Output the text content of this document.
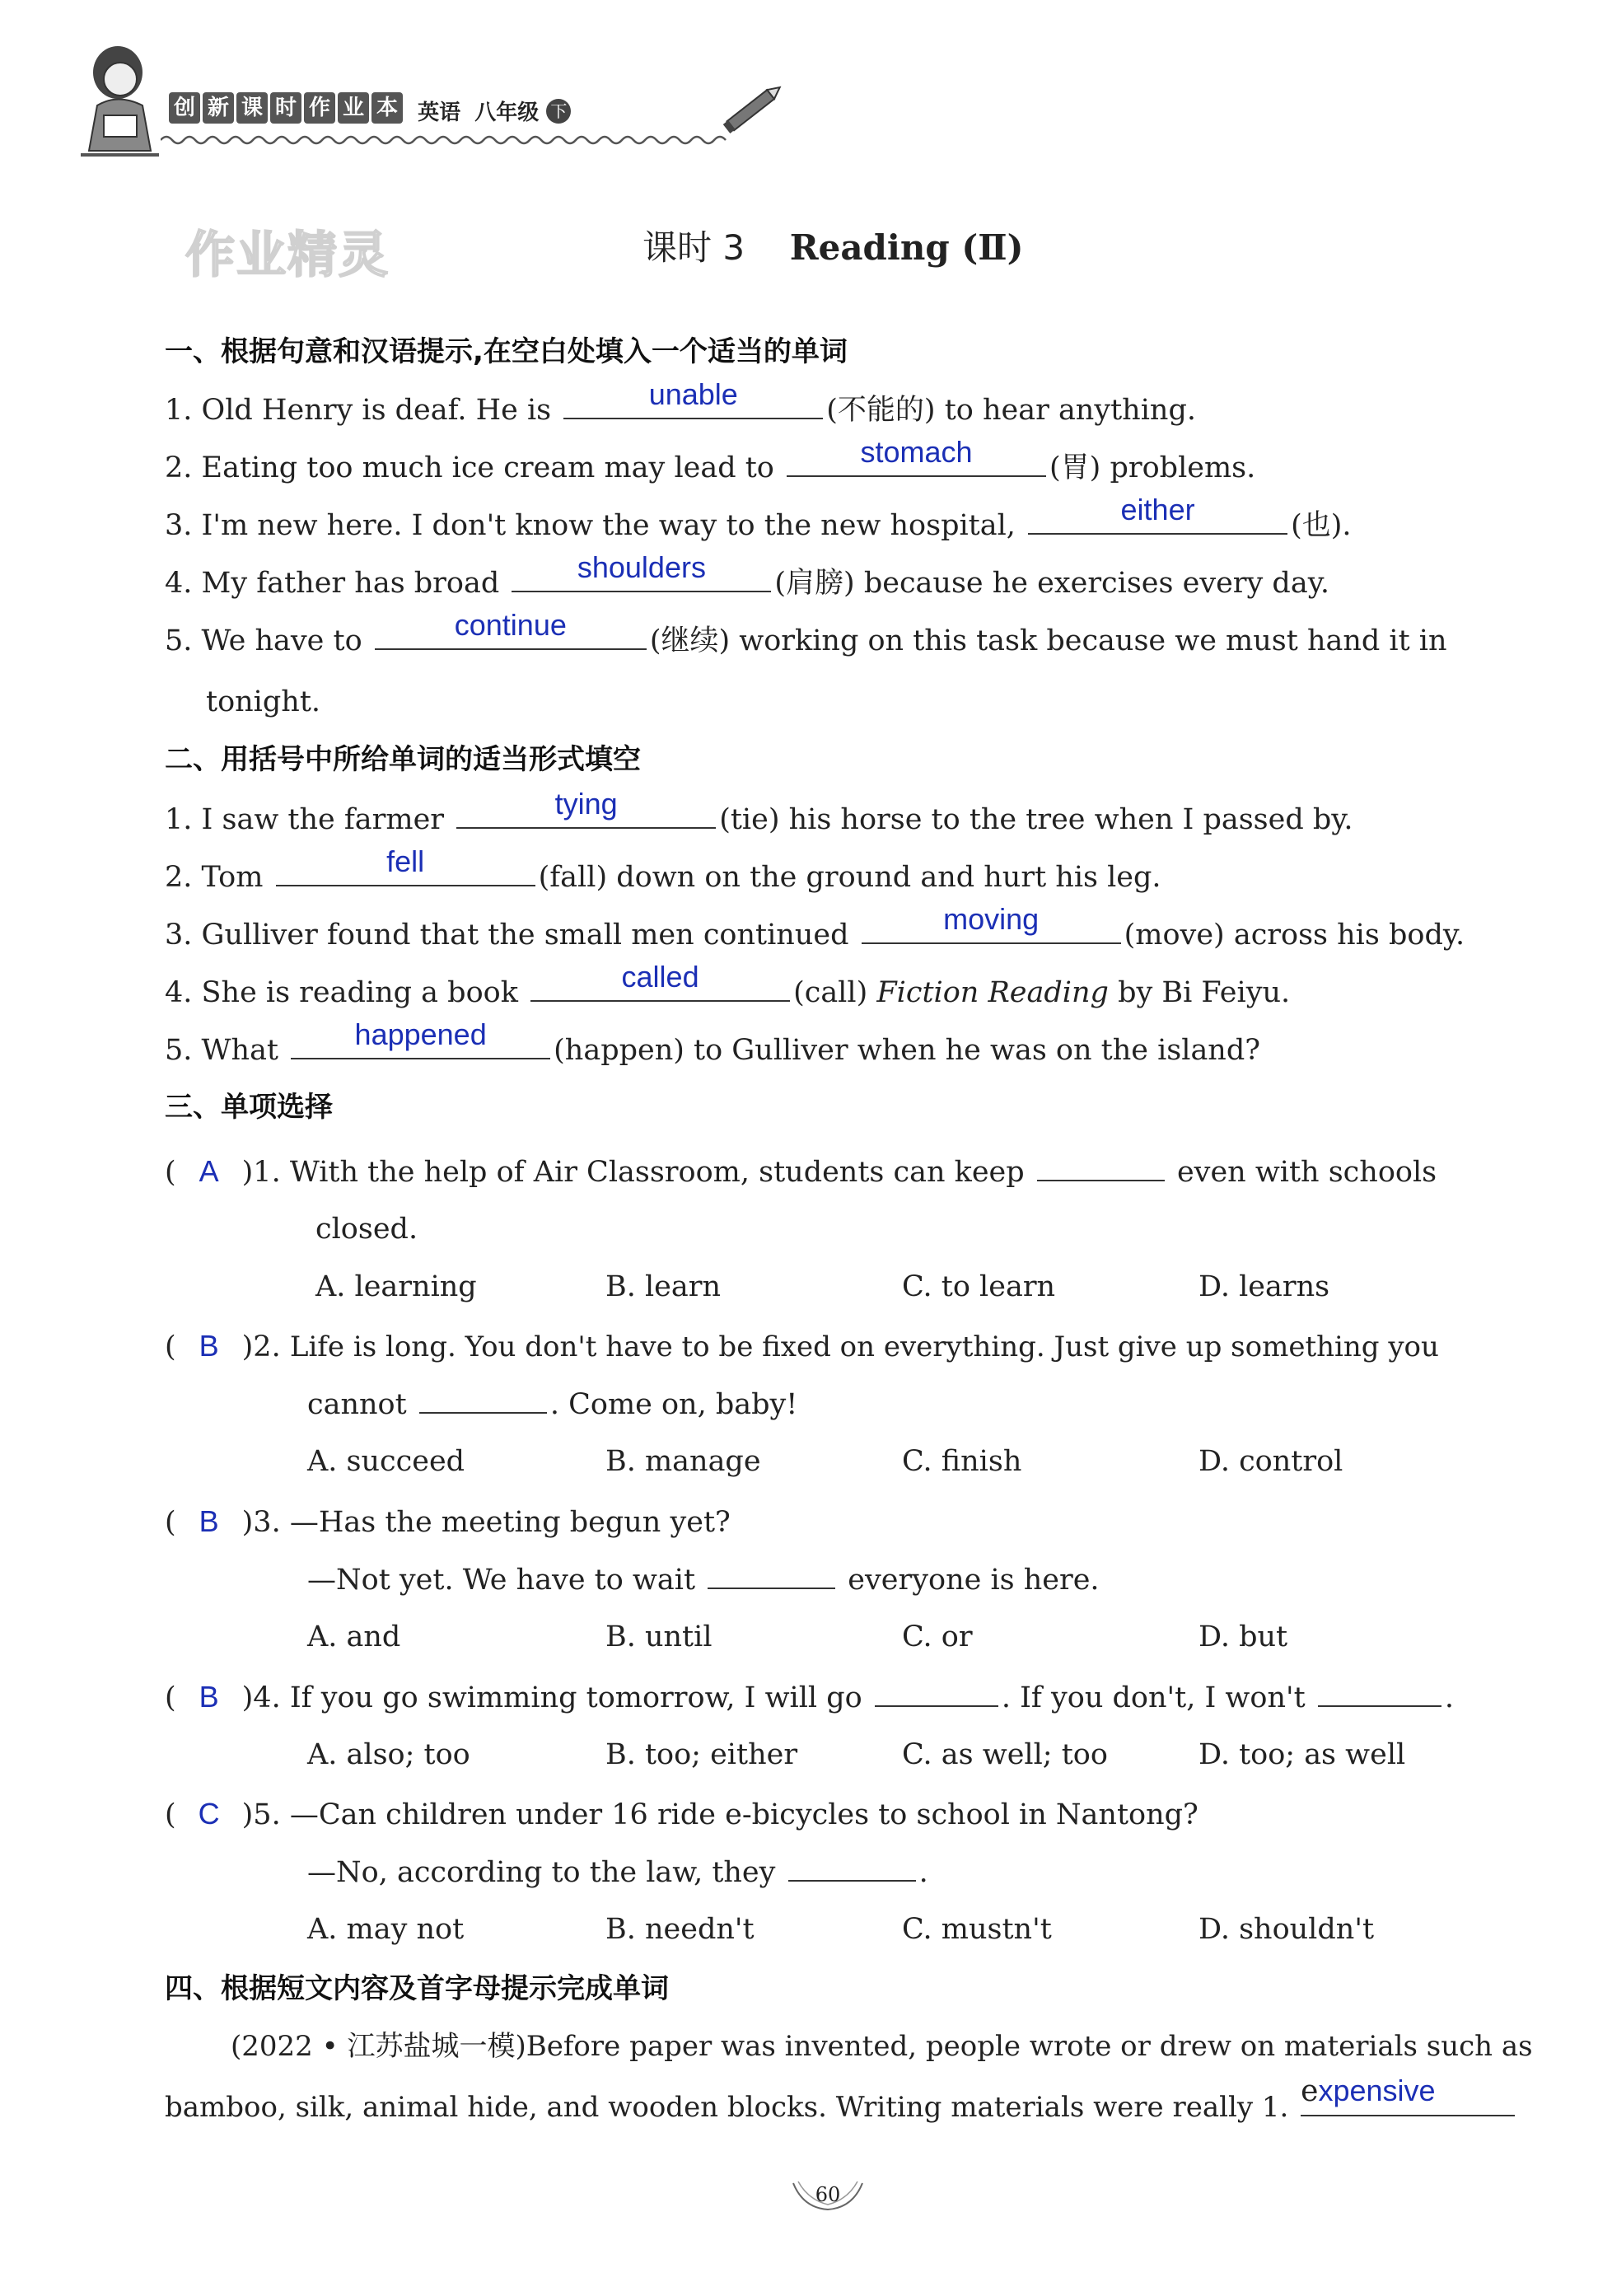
创 新 课 时 作 业 本 英语 八年级 下
作业精灵	课时 3 Reading (Ⅱ)
一、根据句意和汉语提示,在空白处填入一个适当的单词
1. Old Henry is deaf. He is	unable	(不能的) to hear anything.
2. Eating too much ice cream may lead to	stomach	(胃) problems.
3. I'm new here. I don't know the way to the new hospital,	either	(也).
4. My father has broad	shoulders	(肩膀) because he exercises every day.
5. We have to	continue	(继续) working on this task because we must hand it in
tonight.
二、用括号中所给单词的适当形式填空
1. I saw the farmer	tying	(tie) his horse to the tree when I passed by.
2. Tom	fell	(fall) down on the ground and hurt his leg.
3. Gulliver found that the small men continued	moving	(move) across his body.
4. She is reading a book	called	(call) Fiction Reading by Bi Feiyu.
5. What	happened	(happen) to Gulliver when he was on the island?
三、单项选择
( A )1. With the help of Air Classroom, students can keep	even with schools
closed.
A. learning	B. learn	C. to learn	D. learns
( B )2. Life is long. You don't have to be fixed on everything. Just give up something you
cannot	. Come on, baby!
A. succeed	B. manage	C. finish	D. control
( B )3. —Has the meeting begun yet?
—Not yet. We have to wait	everyone is here.
A. and	B. until	C. or	D. but
( B )4. If you go swimming tomorrow, I will go	. If you don't, I won't	.
A. also; too	B. too; either	C. as well; too	D. too; as well
( C )5. —Can children under 16 ride e-bicycles to school in Nantong?
—No, according to the law, they	.
A. may not	B. needn't	C. mustn't	D. shouldn't
四、根据短文内容及首字母提示完成单词
(2022 • 江苏盐城一模)Before paper was invented, people wrote or drew on materials such as
bamboo, silk, animal hide, and wooden blocks. Writing materials were really 1. expensive
60
